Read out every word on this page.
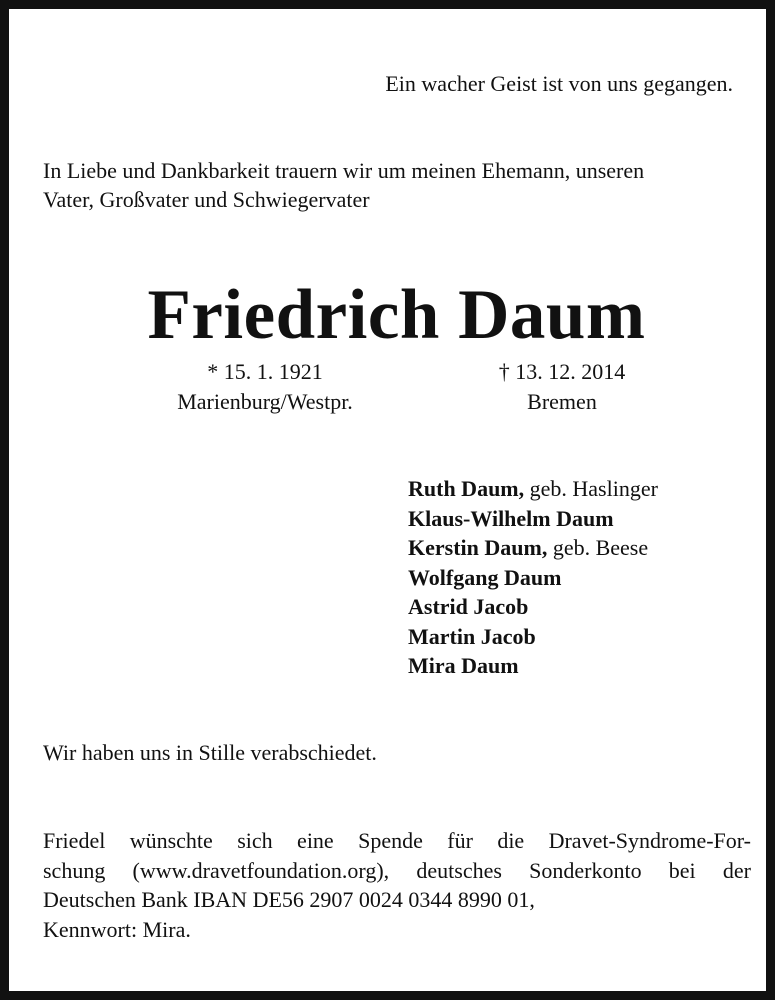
Ein wacher Geist ist von uns gegangen.
In Liebe und Dankbarkeit trauern wir um meinen Ehemann, unseren
Vater, Großvater und Schwiegervater
Friedrich Daum
* 15. 1. 1921
Marienburg/Westpr.
† 13. 12. 2014
Bremen
Ruth Daum, geb. Haslinger
Klaus-Wilhelm Daum
Kerstin Daum, geb. Beese
Wolfgang Daum
Astrid Jacob
Martin Jacob
Mira Daum
Wir haben uns in Stille verabschiedet.
Friedel wünschte sich eine Spende für die Dravet-Syndrome-For-
schung (www.dravetfoundation.org), deutsches Sonderkonto bei der
Deutschen Bank IBAN DE56 2907 0024 0344 8990 01,
Kennwort: Mira.
